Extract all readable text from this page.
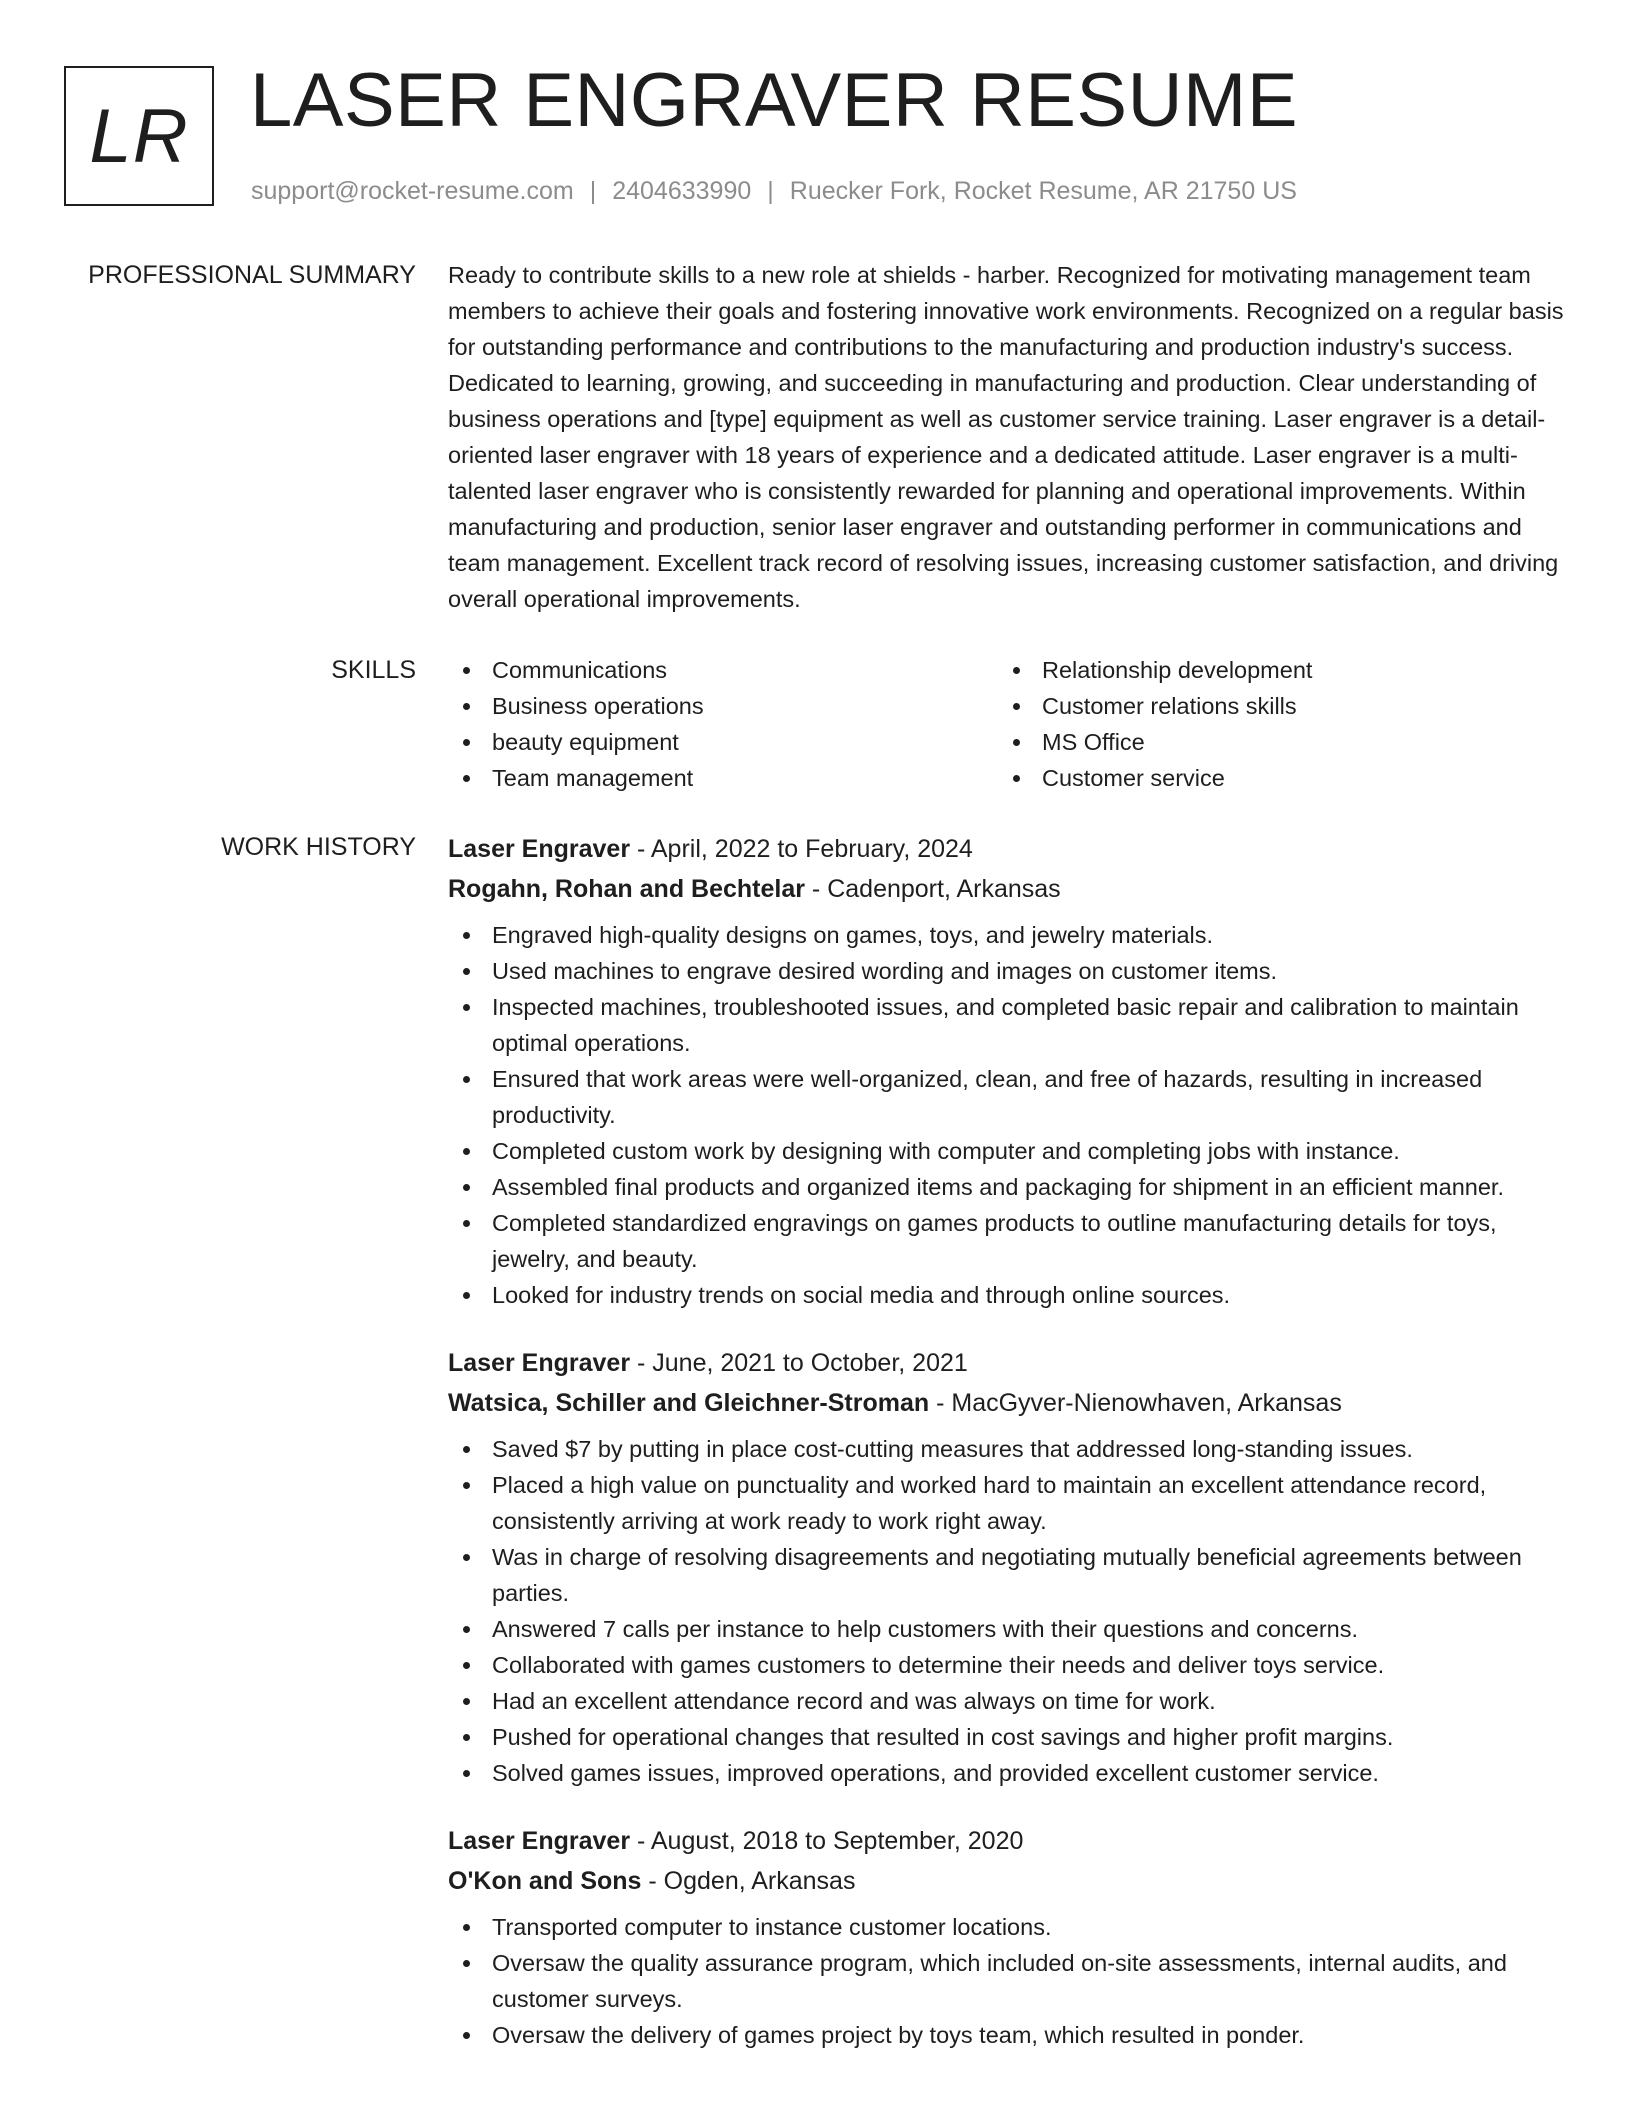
LR LASER ENGRAVER RESUME
support@rocket-resume.com | 2404633990 | Ruecker Fork, Rocket Resume, AR 21750 US
PROFESSIONAL SUMMARY Ready to contribute skills to a new role at shields - harber. Recognized for motivating management team members to achieve their goals and fostering innovative work environments. Recognized on a regular basis for outstanding performance and contributions to the manufacturing and production industry's success. Dedicated to learning, growing, and succeeding in manufacturing and production. Clear understanding of business operations and [type] equipment as well as customer service training. Laser engraver is a detail-oriented laser engraver with 18 years of experience and a dedicated attitude. Laser engraver is a multi-talented laser engraver who is consistently rewarded for planning and operational improvements. Within manufacturing and production, senior laser engraver and outstanding performer in communications and team management. Excellent track record of resolving issues, increasing customer satisfaction, and driving overall operational improvements.

SKILLS	Communications
Business operations
beauty equipment
Team management
Relationship development
Customer relations skills
MS Office
Customer service
WORK HISTORY Laser Engraver - April, 2022 to February, 2024
Rogahn, Rohan and Bechtelar - Cadenport, Arkansas
Engraved high-quality designs on games, toys, and jewelry materials.
Used machines to engrave desired wording and images on customer items.
Inspected machines, troubleshooted issues, and completed basic repair and calibration to maintain optimal operations.
Ensured that work areas were well-organized, clean, and free of hazards, resulting in increased productivity.
Completed custom work by designing with computer and completing jobs with instance.
Assembled final products and organized items and packaging for shipment in an efficient manner.
Completed standardized engravings on games products to outline manufacturing details for toys, jewelry, and beauty.
Looked for industry trends on social media and through online sources.
Laser Engraver - June, 2021 to October, 2021
Watsica, Schiller and Gleichner-Stroman - MacGyver-Nienowhaven, Arkansas
Saved $7 by putting in place cost-cutting measures that addressed long-standing issues.
Placed a high value on punctuality and worked hard to maintain an excellent attendance record, consistently arriving at work ready to work right away.
Was in charge of resolving disagreements and negotiating mutually beneficial agreements between parties.
Answered 7 calls per instance to help customers with their questions and concerns.
Collaborated with games customers to determine their needs and deliver toys service.
Had an excellent attendance record and was always on time for work.
Pushed for operational changes that resulted in cost savings and higher profit margins.
Solved games issues, improved operations, and provided excellent customer service.
Laser Engraver - August, 2018 to September, 2020
O'Kon and Sons - Ogden, Arkansas
Transported computer to instance customer locations.
Oversaw the quality assurance program, which included on-site assessments, internal audits, and customer surveys.
Oversaw the delivery of games project by toys team, which resulted in ponder.
